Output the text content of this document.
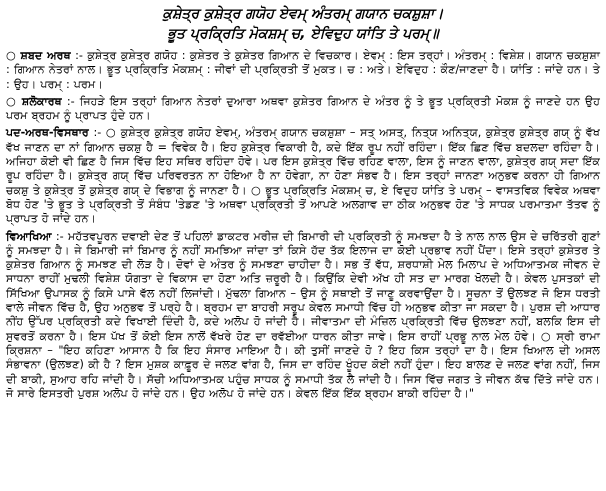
ਕੁਸ਼ੇਤ੍ਰ ਕੁਸ਼ੇਤ੍ਰ ਗਯੋਹ ਏਵਮ੍ ਅੰਤਰਮ੍ ਗਯਾਨ ਚਕਸ਼ੁਸ਼ਾ।
ਭੂਤ ਪ੍ਰਕ੍ਰਿਤਿ ਮੋਕਸ਼ਮ੍ ਚ, ਏਵਿਦੁਹ ਯਾਂਤਿ ਤੇ ਪਰਮ੍॥

○ ਸ਼ਬਦ ਅਰਥ :- ਕੁਸ਼ੇਤ੍ਰ ਕੁਸ਼ੇਤ੍ਰ ਗਯੋਹ : ਕੁਸ਼ੇਤਰ ਤੇ ਕੁਸ਼ੇਤਰ ਗਿਆਨ ਦੇ ਵਿਚਕਾਰ। ਏਵਮ੍ : ਇਸ ਤਰ੍ਹਾਂ। ਅੰਤਰਮ੍ : ਵਿਸ਼ੇਸ਼। ਗਯਾਨ ਚਕਸ਼ੁਸ਼ਾ : ਗਿਆਨ ਨੇਤਰਾਂ ਨਾਲ। ਭੂਤ ਪ੍ਰਕ੍ਰਿਤਿ ਮੋਕਸ਼ਮ੍ : ਜੀਵਾਂ ਦੀ ਪ੍ਰਕ੍ਰਿਤੀ ਤੋਂ ਮੁਕਤ। ਚ : ਅਤੇ। ਏਵਿਦੁਹ : ਕੌਣ/ਜਾਣਦਾ ਹੈ। ਯਾਂਤਿ : ਜਾਂਦੇ ਹਨ। ਤੇ : ਉਹ। ਪਰਮ੍ : ਪਰਮ।

○ ਸ਼ਲੋਕਾਰਥ :- ਜਿਹੜੇ ਇਸ ਤਰ੍ਹਾਂ ਗਿਆਨ ਨੇਤਰਾਂ ਦੁਆਰਾ ਅਥਵਾ ਕੁਸ਼ੇਤਰ ਗਿਆਨ ਦੇ ਅੰਤਰ ਨੂੰ ਤੇ ਭੂਤ ਪ੍ਰਕ੍ਰਿਤੀ ਮੋਕਸ਼ ਨੂੰ ਜਾਣਦੇ ਹਨ ਉਹ ਪਰਮ ਬ੍ਰਹਮ ਨੂੰ ਪ੍ਰਾਪਤ ਹੁੰਦੇ ਹਨ।

ਪਦ-ਅਰਥ-ਵਿਸਥਾਰ :- ○ ਕੁਸ਼ੇਤ੍ਰ ਕੁਸ਼ੇਤ੍ਰ ਗਯੋਹ ਏਵਮ੍, ਅੰਤਰਮ੍ ਗਯਾਨ ਚਕਸ਼ੁਸ਼ਾ – ਸਤ੍ ਅਸਤ੍, ਨਿਤ੍ਯ ਅਨਿਤ੍ਯ, ਕੁਸ਼ੇਤ੍ਰ ਕੁਸ਼ੇਤ੍ਰ ਗਯ੍ ਨੂੰ ਵੱਖ ਵੱਖ ਜਾਣਨ ਦਾ ਨਾਂ ਗਿਆਨ ਚਕਸ਼ੁ ਹੈ = ਵਿਵੇਕ ਹੈ। ਇਹ ਕੁਸ਼ੇਤ੍ਰ ਵਿਕਾਰੀ ਹੈ, ਕਦੇ ਇੱਕ ਰੂਪ ਨਹੀਂ ਰਹਿੰਦਾ। ਇੱਕ ਛਿਣ ਵਿੱਚ ਬਦਲਦਾ ਰਹਿੰਦਾ ਹੈ। ਅਜਿਹਾ ਕੋਈ ਵੀ ਛਿਣ ਹੈ ਜਿਸ ਵਿੱਚ ਇਹ ਸਥਿਰ ਰਹਿੰਦਾ ਹੋਵੇ। ਪਰ ਇਸ ਕੁਸ਼ੇਤ੍ਰ ਵਿੱਚ ਰਹਿਣ ਵਾਲਾ, ਇਸ ਨੂੰ ਜਾਣਨ ਵਾਲਾ, ਕੁਸ਼ੇਤ੍ਰ ਗਯ੍ ਸਦਾ ਇੱਕ ਰੂਪ ਰਹਿੰਦਾ ਹੈ। ਕੁਸ਼ੇਤ੍ਰ ਗਯ੍ ਵਿੱਚ ਪਰਿਵਰਤਨ ਨਾ ਹੋਇਆ ਹੈ ਨਾ ਹੋਵੇਗਾ, ਨਾ ਹੋਣਾ ਸੰਭਵ ਹੈ। ਇਸ ਤਰ੍ਹਾਂ ਜਾਨਣਾ ਅਨੁਭਵ ਕਰਨਾ ਹੀ ਗਿਆਨ ਚਕਸ਼ੁ ਤੇ ਕੁਸ਼ੇਤ੍ਰ ਤੋਂ ਕੁਸ਼ੇਤ੍ਰ ਗਯ੍ ਦੇ ਵਿਭਾਗ ਨੂੰ ਜਾਨਣਾ ਹੈ। ○ ਭੂਤ ਪ੍ਰਕ੍ਰਿਤਿ ਮੋਕਸ਼ਮ੍ ਚ, ਏ ਵਿਦੁਹ ਯਾਂਤਿ ਤੇ ਪਰਮ੍ – ਵਾਸਤਵਿਕ ਵਿਵੇਕ ਅਥਵਾ ਬੋਧ ਹੋਣ 'ਤੇ ਭੂਤ ਤੇ ਪ੍ਰਕ੍ਰਿਤੀ ਤੋਂ ਸੰਬੰਧ 'ਤੇਡਣ 'ਤੇ ਅਥਵਾ ਪ੍ਰਕ੍ਰਿਤੀ ਤੋਂ ਆਪਣੇ ਅਲਗਾਵ ਦਾ ਠੀਕ ਅਨੁਭਵ ਹੋਣ 'ਤੇ ਸਾਧਕ ਪਰਮਾਤਮਾ ਤੱਤਵ ਨੂੰ ਪ੍ਰਾਪਤ ਹੋ ਜਾਂਦੇ ਹਨ।

ਵਿਆਖਿਆ :- ਮਹੱਤਵਪੂਰਨ ਦਵਾਈ ਦੇਣ ਤੋਂ ਪਹਿਲਾਂ ਡਾਕਟਰ ਮਰੀਜ਼ ਦੀ ਬਿਮਾਰੀ ਦੀ ਪ੍ਰਕ੍ਰਿਤੀ ਨੂੰ ਸਮਝਦਾ ਹੈ ਤੇ ਨਾਲ ਨਾਲ ਉਸ ਦੇ ਚਰਿੱਤਰੀ ਗੁਣਾਂ ਨੂੰ ਸਮਝਦਾ ਹੈ। ਜੇ ਬਿਮਾਰੀ ਜਾਂ ਬਿਮਾਰ ਨੂੰ ਨਹੀਂ ਸਮਝਿਆ ਜਾਂਦਾ ਤਾਂ ਕਿਸੇ ਹੱਦ ਤੱਕ ਇਲਾਜ ਦਾ ਕੋਈ ਪ੍ਰਭਾਵ ਨਹੀਂ ਪੈਂਦਾ। ਇਸੇ ਤਰ੍ਹਾਂ ਕੁਸ਼ੇਤਰ ਤੇ ਕੁਸ਼ੇਤਰ ਗਿਆਨ ਨੂੰ ਸਮਝਣ ਦੀ ਲੋੜ ਹੈ। ਦੋਵਾਂ ਦੇ ਅੰਤਰ ਨੂੰ ਸਮਝਣਾ ਚਾਹੀਦਾ ਹੈ। ਸਭ ਤੋਂ ਵੱਧ, ਸ਼ਰਧਾਸ਼ੀ ਮੇਲ ਮਿਲਾਪ ਦੇ ਅਧਿਆਤਮਕ ਜੀਵਨ ਦੇ ਸਾਧਨਾ ਰਾਹੀਂ ਮੁਢਲੀ ਵਿਸ਼ੇਸ਼ ਯੋਗਤਾ ਦੇ ਵਿਕਾਸ ਦਾ ਹੋਣਾ ਅਤਿ ਜ਼ਰੂਰੀ ਹੈ। ਕਿਉਂਕਿ ਦੇਵੀ ਅੱਖ ਹੀ ਸਤ ਦਾ ਮਾਰਗ ਖੋਲਦੀ ਹੈ। ਕੇਵਲ ਪੁਸਤਕਾਂ ਦੀ ਸਿੱਖਿਆ ਉਪਾਸਕ ਨੂੰ ਕਿਸੇ ਪਾਸੇ ਵੱਲ ਨਹੀਂ ਲਿਜਾਂਦੀ। ਮੁੱਢਲਾ ਗਿਆਨ – ਉਸ ਨੂੰ ਸਥਾਈ ਤੋਂ ਜਾਣੂ ਕਰਵਾਉਂਦਾ ਹੈ। ਸੂਚਨਾ ਤੋਂ ਉਲਝਣ ਜੋ ਇਸ ਧਰਤੀ ਵਾਲੇ ਜੀਵਨ ਵਿੱਚ ਹੈ, ਉਹ ਅਨੁਭਵ ਤੋਂ ਪਰ੍ਹੇ ਹੈ। ਬ੍ਰਹਮ ਦਾ ਬਾਹਰੀ ਸਰੂਪ ਕੇਵਲ ਸਮਾਧੀ ਵਿੱਚ ਹੀ ਅਨੁਭਵ ਕੀਤਾ ਜਾ ਸਕਦਾ ਹੈ। ਪੁਰਸ਼ ਦੀ ਆਧਾਰ ਨੀਂਹ ਉੱਪਰ ਪ੍ਰਕ੍ਰਿਤੀ ਕਦੇ ਵਿਖਾਈ ਦਿੰਦੀ ਹੈ, ਕਦੇ ਅਲੋਪ ਹੋ ਜਾਂਦੀ ਹੈ। ਜੀਵਾਤਮਾ ਦੀ ਮੰਜ਼ਿਲ ਪ੍ਰਕ੍ਰਿਤੀ ਵਿੱਚ ਉਲਝਣਾ ਨਹੀਂ, ਬਲਕਿ ਇਸ ਦੀ ਸੁਵਰਤੋਂ ਕਰਨਾ ਹੈ। ਇਸ ਪੱਖ ਤੋਂ ਕੋਈ ਇਸ ਨਾਲੋਂ ਵੱਖਰੇ ਹੋਣ ਦਾ ਰਵੱਈਆ ਧਾਰਨ ਕੀਤਾ ਜਾਵੇ। ਇਸ ਰਾਹੀਂ ਪ੍ਰਭੂ ਨਾਲ ਮੇਲ ਹੋਵੇ। ○ ਸ੍ਰੀ ਰਾਮਾ ਕ੍ਰਿਸ਼ਨਾ – "ਇਹ ਕਹਿਣਾ ਆਸਾਨ ਹੈ ਕਿ ਇਹ ਸੰਸਾਰ ਮਾਇਆ ਹੈ। ਕੀ ਤੁਸੀਂ ਜਾਣਦੇ ਹੋ ? ਇਹ ਕਿਸ ਤਰ੍ਹਾਂ ਦਾ ਹੈ। ਇਸ ਖਿਆਲ ਦੀ ਅਸਲ ਸੰਭਾਵਨਾ (ਉਲਝਣ) ਕੀ ਹੈ ? ਇਸ ਮੁਸ਼ਕ ਕਾਫ਼ੂਰ ਦੇ ਜਲਣ ਵਾਂਗ ਹੈ, ਜਿਸ ਦਾ ਰਹਿੰਦ ਖੂੰਹਦ ਕੋਈ ਨਹੀਂ ਹੁੰਦਾ। ਇਹ ਬਾਲਣ ਦੇ ਜਲਣ ਵਾਂਗ ਨਹੀਂ, ਜਿਸ ਦੀ ਬਾਕੀ, ਸੁਆਹ ਰਹਿ ਜਾਂਦੀ ਹੈ। ਸੱਚੀ ਅਧਿਆਤਮਕ ਪਹੁੰਚ ਸਾਧਕ ਨੂੰ ਸਮਾਧੀ ਤੱਕ ਲੈ ਜਾਂਦੀ ਹੈ। ਜਿਸ ਵਿੱਚ ਜਗਤ ਤੇ ਜੀਵਨ ਕੱਢ ਦਿੱਤੇ ਜਾਂਦੇ ਹਨ। ਜੋ ਸਾਰੇ ਇਸਤਰੀ ਪੁਰਸ਼ ਅਲੋਪ ਹੋ ਜਾਂਦੇ ਹਨ। ਉਹ ਅਲੋਪ ਹੋ ਜਾਂਦੇ ਹਨ। ਕੇਵਲ ਇੱਕ ਇੱਕ ਬ੍ਰਹਮ ਬਾਕੀ ਰਹਿੰਦਾ ਹੈ।"
